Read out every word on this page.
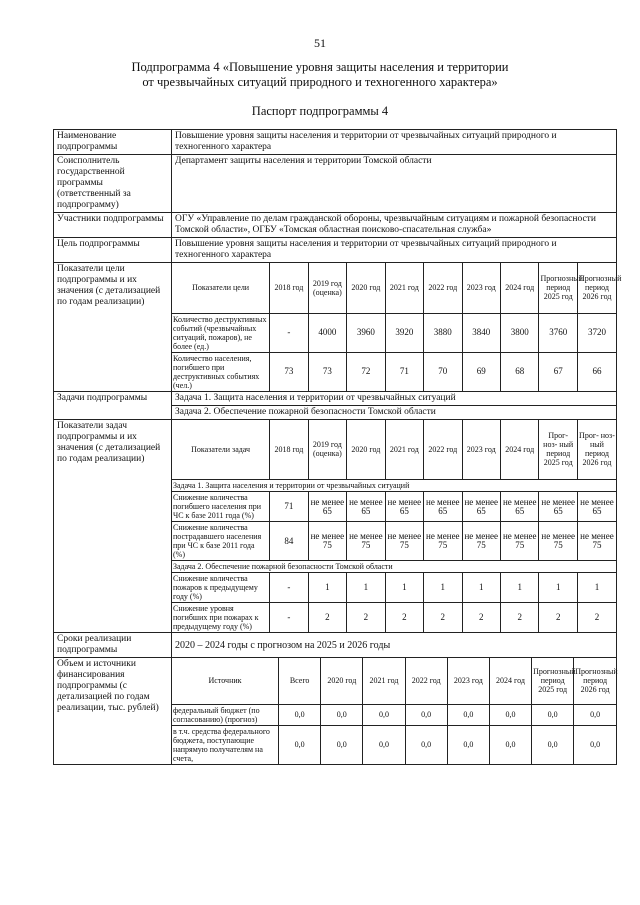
51
Подпрограмма 4 «Повышение уровня защиты населения и территории
от чрезвычайных ситуаций природного и техногенного характера»
Паспорт подпрограммы 4
Наименование подпрограммы	Повышение уровня защиты населения и территории от чрезвычайных ситуаций природного и техногенного характера
Соисполнитель государственной программы (ответственный за подпрограмму)	Департамент защиты населения и территории Томской области
Участники подпрограммы	ОГУ «Управление по делам гражданской обороны, чрезвычайным ситуациям и пожарной безопасности Томской области», ОГБУ «Томская областная поисково-спасательная служба»
Цель подпрограммы	Повышение уровня защиты населения и территории от чрезвычайных ситуаций природного и техногенного характера
Показатели цели подпрограммы и их значения (с детализацией по годам реализации)	
Показатели цели	2018 год	2019 год (оценка)	2020 год	2021 год	2022 год	2023 год	2024 год	Прогнозный период 2025 год	Прогнозный период 2026 год
Количество деструктивных событий (чрезвычайных ситуаций, пожаров), не более (ед.)	-	4000	3960	3920	3880	3840	3800	3760	3720
Количество населения, погибшего при деструктивных событиях (чел.)	73	73	72	71	70	69	68	67	66

Задачи подпрограммы	Задача 1. Защита населения и территории от чрезвычайных ситуаций
Задача 2. Обеспечение пожарной безопасности Томской области
Показатели задач подпрограммы и их значения (с детализацией по годам реализации)	
Показатели задач	2018 год	2019 год (оценка)	2020 год	2021 год	2022 год	2023 год	2024 год	Прог- ноз- ный период 2025 год	Прог- ноз- ный период 2026 год
Задача 1. Защита населения и территории от чрезвычайных ситуаций
Снижение количества погибшего населения при ЧС к базе 2011 года (%)	71	не менее 65	не менее 65	не менее 65	не менее 65	не менее 65	не менее 65	не менее 65	не менее 65
Снижение количества пострадавшего населения при ЧС к базе 2011 года (%)	84	не менее 75	не менее 75	не менее 75	не менее 75	не менее 75	не менее 75	не менее 75	не менее 75
Задача 2. Обеспечение пожарной безопасности Томской области
Снижение количества пожаров к предыдущему году (%)	-	1	1	1	1	1	1	1	1
Снижение уровня погибших при пожарах к предыдущему году (%)	-	2	2	2	2	2	2	2	2

Сроки реализации подпрограммы	2020 – 2024 годы с прогнозом на 2025 и 2026 годы
Объем и источники финансирования подпрограммы (с детализацией по годам реализации, тыс. рублей)	
Источник	Всего	2020 год	2021 год	2022 год	2023 год	2024 год	Прогнозный период 2025 год	Прогнозный период 2026 год
федеральный бюджет (по согласованию) (прогноз)	0,0	0,0	0,0	0,0	0,0	0,0	0,0	0,0
в т.ч. средства федерального бюджета, поступающие напрямую получателям на счета,	0,0	0,0	0,0	0,0	0,0	0,0	0,0	0,0
